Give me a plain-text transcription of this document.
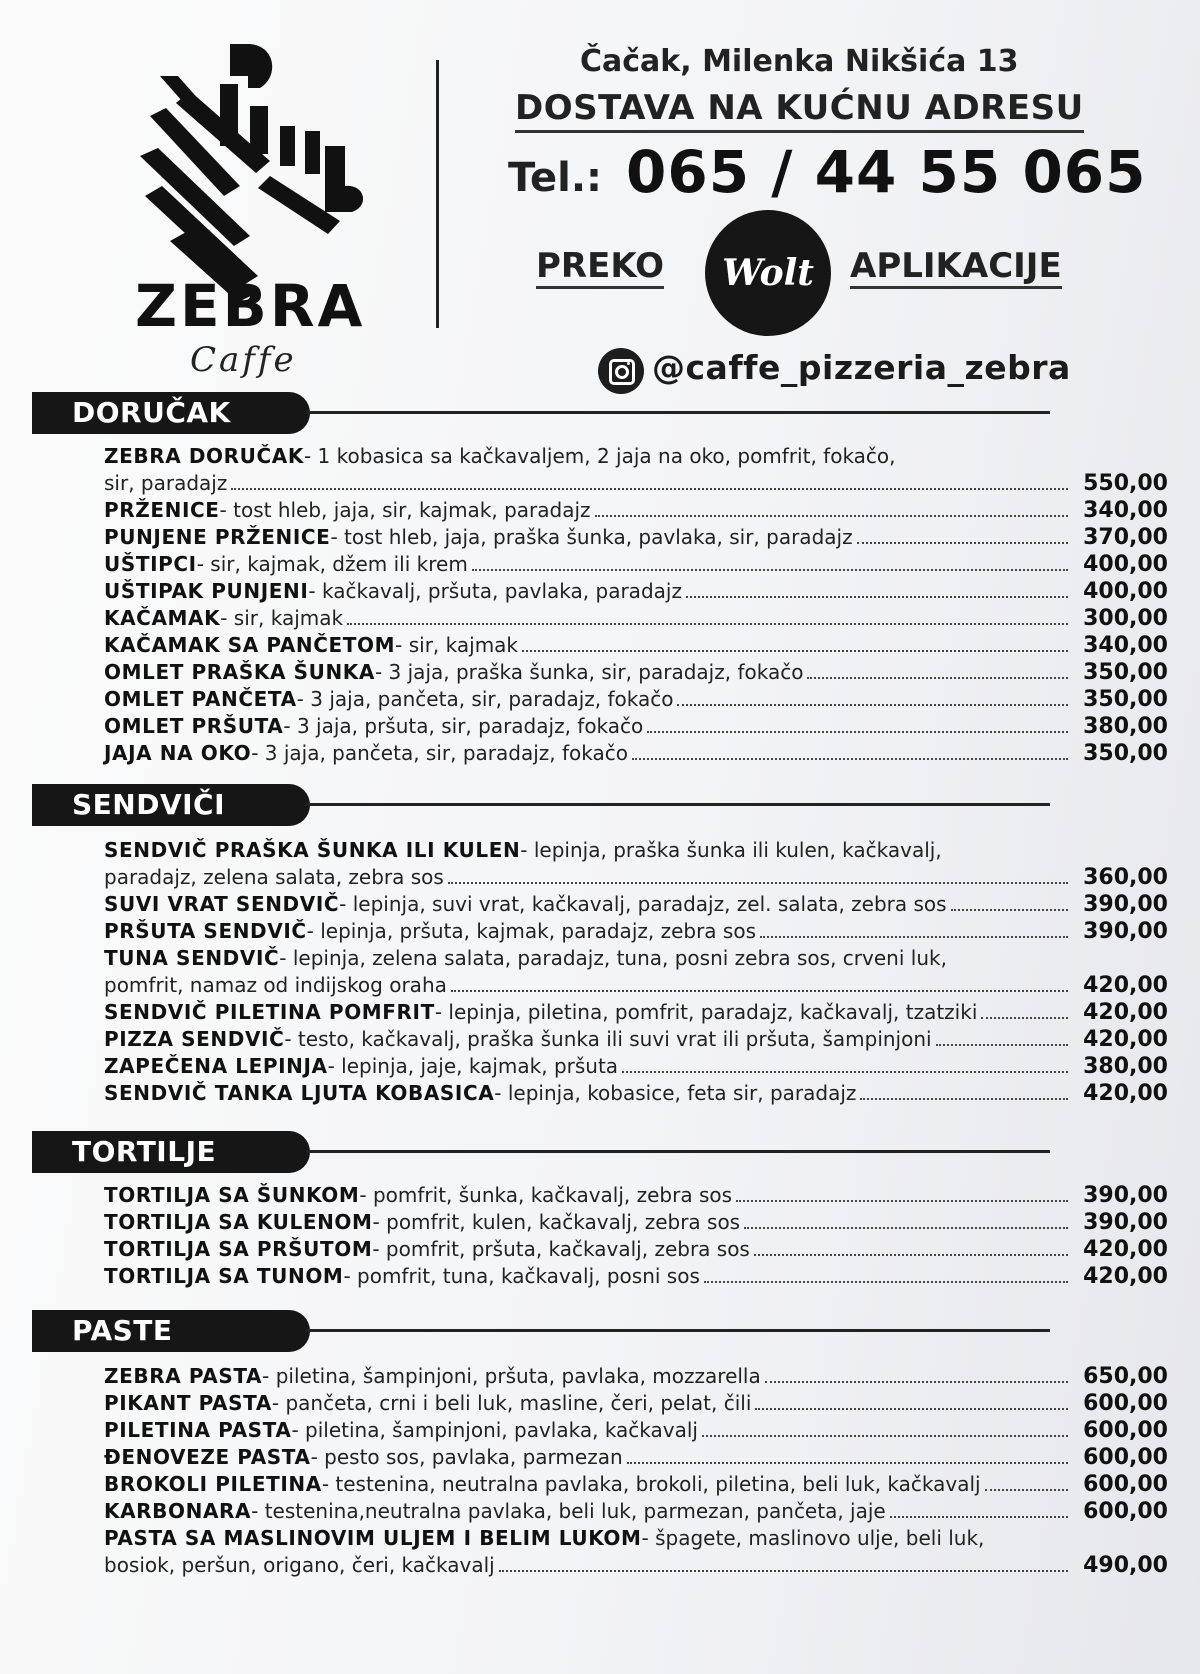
ZEBRA
Caffe
Čačak, Milenka Nikšića 13
DOSTAVA NA KUĆNU ADRESU
Tel.: 065 / 44 55 065
PREKO Wolt APLIKACIJE
@caffe_pizzeria_zebra
DORUČAK
ZEBRA DORUČAK - 1 kobasica sa kačkavaljem, 2 jaja na oko, pomfrit, fokačo,
sir, paradajz	550,00
PRŽENICE - tost hleb, jaja, sir, kajmak, paradajz	340,00
PUNJENE PRŽENICE - tost hleb, jaja, praška šunka, pavlaka, sir, paradajz	370,00
UŠTIPCI - sir, kajmak, džem ili krem	400,00
UŠTIPAK PUNJENI - kačkavalj, pršuta, pavlaka, paradajz	400,00
KAČAMAK - sir, kajmak	300,00
KAČAMAK SA PANČETOM - sir, kajmak	340,00
OMLET PRAŠKA ŠUNKA - 3 jaja, praška šunka, sir, paradajz, fokačo	350,00
OMLET PANČETA - 3 jaja, pančeta, sir, paradajz, fokačo	350,00
OMLET PRŠUTA - 3 jaja, pršuta, sir, paradajz, fokačo	380,00
JAJA NA OKO - 3 jaja, pančeta, sir, paradajz, fokačo	350,00
SENDVIČI
SENDVIČ PRAŠKA ŠUNKA ILI KULEN - lepinja, praška šunka ili kulen, kačkavalj,
paradajz, zelena salata, zebra sos	360,00
SUVI VRAT SENDVIČ - lepinja, suvi vrat, kačkavalj, paradajz, zel. salata, zebra sos	390,00
PRŠUTA SENDVIČ - lepinja, pršuta, kajmak, paradajz, zebra sos	390,00
TUNA SENDVIČ - lepinja, zelena salata, paradajz, tuna, posni zebra sos, crveni luk,
pomfrit, namaz od indijskog oraha	420,00
SENDVIČ PILETINA POMFRIT - lepinja, piletina, pomfrit, paradajz, kačkavalj, tzatziki	420,00
PIZZA SENDVIČ - testo, kačkavalj, praška šunka ili suvi vrat ili pršuta, šampinjoni	420,00
ZAPEČENA LEPINJA - lepinja, jaje, kajmak, pršuta	380,00
SENDVIČ TANKA LJUTA KOBASICA - lepinja, kobasice, feta sir, paradajz	420,00
TORTILJE
TORTILJA SA ŠUNKOM - pomfrit, šunka, kačkavalj, zebra sos	390,00
TORTILJA SA KULENOM - pomfrit, kulen, kačkavalj, zebra sos	390,00
TORTILJA SA PRŠUTOM - pomfrit, pršuta, kačkavalj, zebra sos	420,00
TORTILJA SA TUNOM - pomfrit, tuna, kačkavalj, posni sos	420,00
PASTE
ZEBRA PASTA - piletina, šampinjoni, pršuta, pavlaka, mozzarella	650,00
PIKANT PASTA - pančeta, crni i beli luk, masline, čeri, pelat, čili	600,00
PILETINA PASTA - piletina, šampinjoni, pavlaka, kačkavalj	600,00
ĐENOVEZE PASTA - pesto sos, pavlaka, parmezan	600,00
BROKOLI PILETINA - testenina, neutralna pavlaka, brokoli, piletina, beli luk, kačkavalj	600,00
KARBONARA - testenina,neutralna pavlaka, beli luk, parmezan, pančeta, jaje	600,00
PASTA SA MASLINOVIM ULJEM I BELIM LUKOM - špagete, maslinovo ulje, beli luk,
bosiok, peršun, origano, čeri, kačkavalj	490,00
